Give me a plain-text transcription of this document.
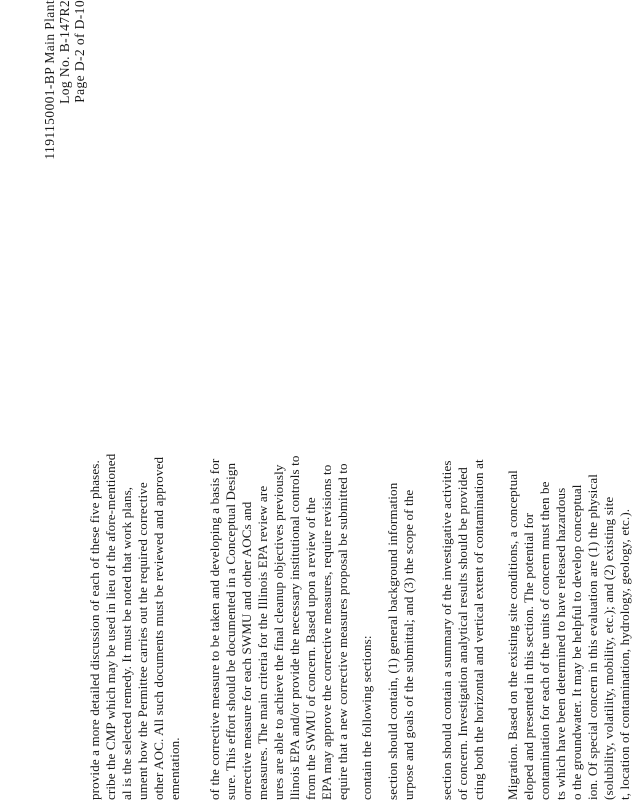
1191150001-BP Main Plant Log No. B-147R2 Page D-2 of D-10
provide a more detailed discussion of each of these five phases. cribe the CMP which may be used in lieu of the afore-mentioned al is the selected remedy. It must be noted that work plans, ument how the Permittee carries out the required corrective other AOC. All such documents must be reviewed and approved ementation. of the corrective measure to be taken and developing a basis for sure. This effort should be documented in a Conceptual Design orrective measure for each SWMU and other AOCs and measures. The main criteria for the Illinois EPA review are ures are able to achieve the final cleanup objectives previously llinois EPA and/or provide the necessary institutional controls to from the SWMU of concern. Based upon a review of the EPA may approve the corrective measures, require revisions to equire that a new corrective measures proposal be submitted to contain the following sections: section should contain, (1) general background information urpose and goals of the submittal; and (3) the scope of the section should contain a summary of the investigative activities of concern. Investigation analytical results should be provided cting both the horizontal and vertical extent of contamination at Migration. Based on the existing site conditions, a conceptual eloped and presented in this section. The potential for contamination for each of the units of concern must then be ts which have been determined to have released hazardous o the groundwater. It may be helpful to develop conceptual ion. Of special concern in this evaluation are (1) the physical (solubility, volatility, mobility, etc.); and (2) existing site t, location of contamination, hydrology, geology, etc.).
